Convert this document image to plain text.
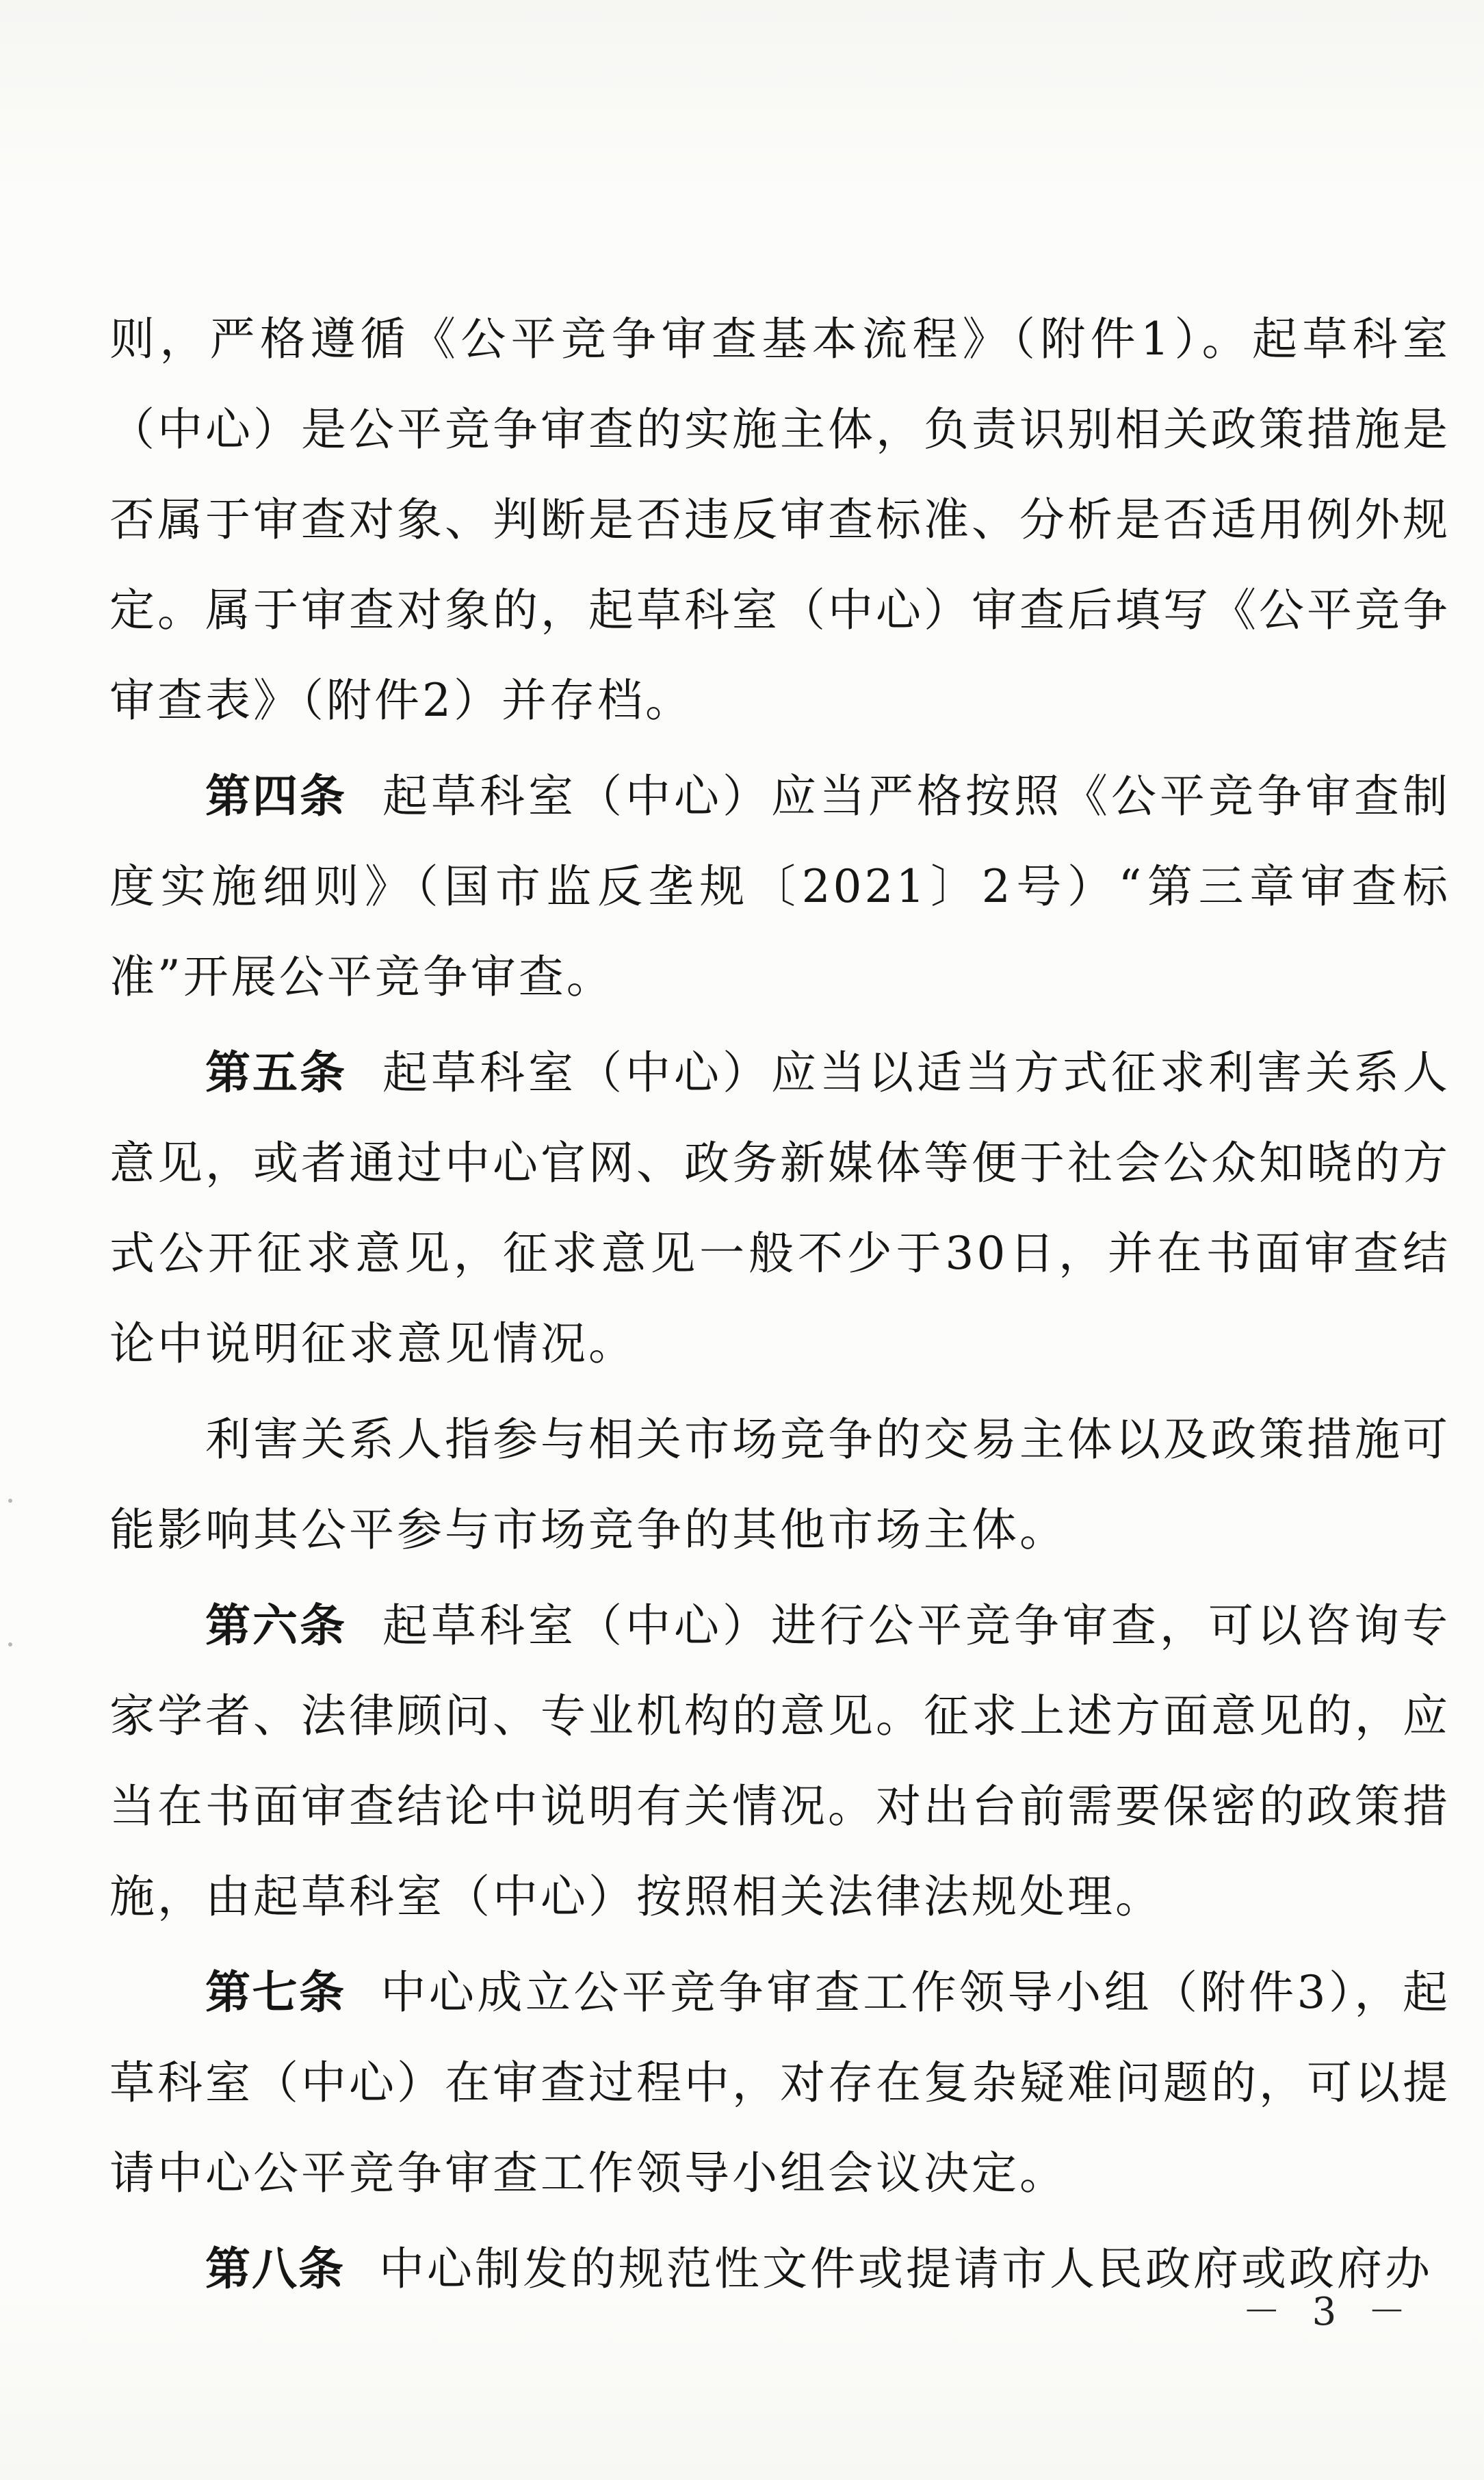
则，严格遵循《公平竞争审查基本流程》（附件1）。起草科室（中心）是公平竞争审查的实施主体，负责识别相关政策措施是否属于审查对象、判断是否违反审查标准、分析是否适用例外规定。属于审查对象的，起草科室（中心）审查后填写《公平竞争审查表》（附件2）并存档。

第四条 起草科室（中心）应当严格按照《公平竞争审查制度实施细则》（国市监反垄规〔2021〕2号）“第三章审查标准”开展公平竞争审查。

第五条 起草科室（中心）应当以适当方式征求利害关系人意见，或者通过中心官网、政务新媒体等便于社会公众知晓的方式公开征求意见，征求意见一般不少于30日，并在书面审查结论中说明征求意见情况。

利害关系人指参与相关市场竞争的交易主体以及政策措施可能影响其公平参与市场竞争的其他市场主体。

第六条 起草科室（中心）进行公平竞争审查，可以咨询专家学者、法律顾问、专业机构的意见。征求上述方面意见的，应当在书面审查结论中说明有关情况。对出台前需要保密的政策措施，由起草科室（中心）按照相关法律法规处理。

第七条 中心成立公平竞争审查工作领导小组（附件3），起草科室（中心）在审查过程中，对存在复杂疑难问题的，可以提请中心公平竞争审查工作领导小组会议决定。

第八条 中心制发的规范性文件或提请市人民政府或政府办

－ 3 －
